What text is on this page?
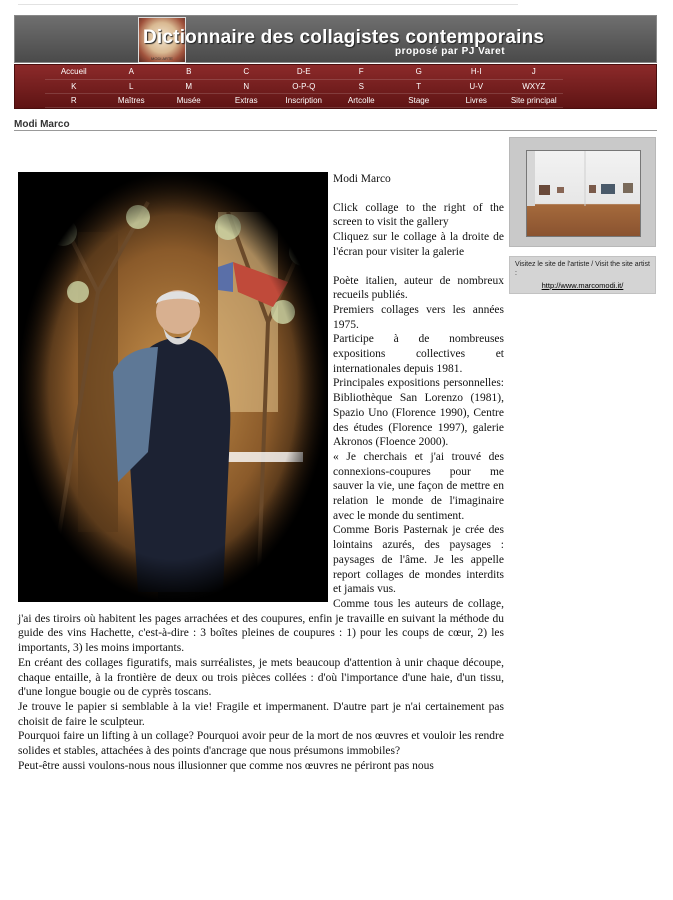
MODI ARTE
Dictionnaire des collagistes contemporains
proposé par PJ Varet
Accueil	A	B	C	D-E	F	G	H-I	J
K	L	M	N	O-P-Q	S	T	U-V	WXYZ
R	Maîtres	Musée	Extras	Inscription	Artcolle	Stage	Livres	Site principal
Modi Marco

Modi Marco

Click collage to the right of the screen to visit the gallery

Cliquez sur le collage à la droite de l'écran pour visiter la galerie

Poète italien, auteur de nombreux recueils publiés.

Premiers collages vers les années 1975.

Participe à de nombreuses expositions collectives et internationales depuis 1981.

Principales expositions personnelles: Bibliothèque San Lorenzo (1981), Spazio Uno (Florence 1990), Centre des études (Florence 1997), galerie Akronos (Floence 2000).

« Je cherchais et j'ai trouvé des connexions-coupures pour me sauver la vie, une façon de mettre en relation le monde de l'imaginaire avec le monde du sentiment.

Comme Boris Pasternak je crée des lointains azurés, des paysages : paysages de l'âme. Je les appelle report collages de mondes interdits et jamais vus.

Comme tous les auteurs de collage, j'ai des tiroirs où habitent les pages arrachées et des coupures, enfin je travaille en suivant la méthode du guide des vins Hachette, c'est-à-dire : 3 boîtes pleines de coupures : 1) pour les coups de cœur, 2) les importants, 3) les moins importants.

En créant des collages figuratifs, mais surréalistes, je mets beaucoup d'attention à unir chaque découpe, chaque entaille, à la frontière de deux ou trois pièces collées : d'où l'importance d'une haie, d'un tissu, d'une longue bougie ou de cyprès toscans.

Je trouve le papier si semblable à la vie! Fragile et impermanent. D'autre part je n'ai certainement pas choisit de faire le sculpteur.

Pourquoi faire un lifting à un collage? Pourquoi avoir peur de la mort de nos œuvres et vouloir les rendre solides et stables, attachées à des points d'ancrage que nous présumons immobiles?

Peut-être aussi voulons-nous nous illusionner que comme nos œuvres ne périront pas nous

Visitez le site de l'artiste / Visit the site artist :
http://www.marcomodi.it/
